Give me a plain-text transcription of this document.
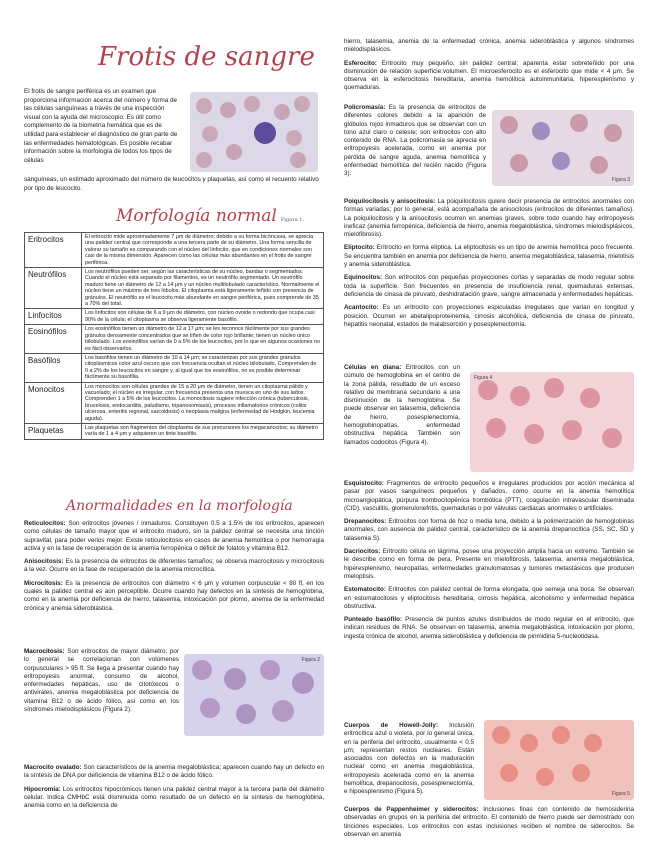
Frotis de sangre
El frotis de sangre periférica es un examen que proporciona información acerca del número y forma de las células sanguíneas a través de una inspección visual con la ayuda del microscopio. Es útil como complemento de la biometría hemática que es de utilidad para establecer el diagnóstico de gran parte de las enfermedades hematológicas. Es posible recabar información sobre la morfología de todos los tipos de células
sanguíneas, un estimado aproximado del número de leucocitos y plaquetas, así como el recuento relativo por tipo de leucocito.
Morfología normal Figura 1.
Eritrocitos	El eritrocito mide aproximadamente 7 μm de diámetro; debido a su forma bicóncava, se aprecia una palidez central que corresponde a una tercera parte de su diámetro. Una forma sencilla de valorar su tamaño es comparando con el núcleo del linfocito, que en condiciones normales son casi de la misma dimensión. Aparecen como las células más abundantes en el frotis de sangre periférica.
Neutrófilos	Los neutrófilos pueden ser, según las características de su núcleo, bandas o segmentados. Cuando el núcleo está separado por filamentos, es un neutrófilo segmentado. Un neutrófilo maduro tiene un diámetro de 12 a 14 μm y un núcleo multilobulado característico. Normalmente el núcleo tiene un máximo de tres lóbulos. El citoplasma está ligeramente teñido con presencia de gránulos. El neutrófilo es el leucocito más abundante en sangre periférica, pues comprende de 35 a 70% del total.
Linfocitos	Los linfocitos son células de 6 a 9 μm de diámetro, con núcleo ovoide o redondo que ocupa casi 90% de la célula; el citoplasma se observa ligeramente basófilo.
Eosinófilos	Los eosinófilos tienen un diámetro de 12 a 17 μm; se les reconoce fácilmente por sus grandes gránulos densamente concentrados que se tiñen de color rojo brillante; tienen un núcleo único bilobulado. Los eosinófilos varían de 0 a 5% de los leucocitos, por lo que en algunos ocasiones no es fácil observarlos.
Basófilos	Los basófilos tienen un diámetro de 10 a 14 μm; se caracterizan por sus grandes gránulos citoplásmicos color azul oscuro que con frecuencia ocultan el núcleo bilobulado. Comprenden de 0 a 2% de los leucocitos en sangre y, al igual que los eosinófilos, no es posible determinar fácilmente su basofilia.
Monocitos	Los monocitos son células grandes de 15 a 20 μm de diámetro, tienen un citoplasma pálido y vacuolado; el núcleo es irregular, con frecuencia presenta una muesca en uno de sus lados. Comprenden 1 a 5% de los leucocitos. La monocitosis sugiere infección crónica (tuberculosis, brucelosis, endocarditis, paludismo, tripanosomiasis), procesos inflamatorios crónicos (colitis ulcerosa, enteritis regional, sarcoidosis) o neoplasia maligna (enfermedad de Hodgkin, leucemia aguda).
Plaquetas	Las plaquetas son fragmentos del citoplasma de sus precursores los megacariocitos; su diámetro varía de 1 a 4 μm y adquieren un tinte basófilo.
Anormalidades en la morfología
Reticulocitos: Son eritrocitos jóvenes / inmaduros. Constituyen 0.5 a 1.5% de los eritrocitos, aparecen como células de tamaño mayor que el eritrocito maduro, sin la palidez central se necesita una tinción supravital, para poder verlos mejor. Existe reticulocitosis en casos de anemia hemolítica o por hemorragia activa y en la fase de recuperación de la anemia ferropénica o déficit de folatos y vitamina B12.
Anisocitosis: Es la presencia de eritrocitos de diferentes tamaños; se observa macrocitosis y microcitosis a la vez. Ocurre en la fase de recuperación de la anemia microcítica.
Microcitosis: Es la presencia de eritrocitos con diámetro < 6 μm y volumen corpuscular < 80 fl, en los cuales la palidez central es aún perceptible. Ocurre cuando hay defectos en la síntesis de hemoglobina, como en la anemia por deficiencia de hierro, talasemia, intoxicación por plomo, anemia de la enfermedad crónica y anemia sideroblástica.
Macrocitosis: Son eritrocitos de mayor diámetro; por lo general se correlacionan con volúmenes corpusculares > 95 fl. Se llega a presentar cuando hay eritropoyesis anormal, consumo de alcohol, enfermedades hepáticas, uso de citotóxicos o antivirales, anemia megaloblástica por deficiencia de vitamina B12 o de ácido fólico, así como en los síndromes mielodisplásicos (Figura 2).
Figura 2
Macrocito ovalado: Son característicos de la anemia megaloblástica; aparecen cuando hay un defecto en la síntesis de DNA por deficiencia de vitamina B12 o de ácido fólico.
Hipocromía: Los eritrocitos hipocrómicos tienen una palidez central mayor a la tercera parte del diámetro celular. Indica CMHbC está disminuida como resultado de un defecto en la síntesis de hemoglobina, anemia como en la deficiencia de
hierro, talasemia, anemia de la enfermedad crónica, anemia sideroblástica y algunos síndromes mielodisplásicos.
Esferocito: Eritrocito muy pequeño, sin palidez central; aparenta estar sobreteñido por una disminución de relación superficie:volumen. El microesferocito es el esferocito que mide < 4 μm. Se observa en la esferocitosis hereditaria, anemia hemolítica autoinmunitaria, hiperesplenismo y quemaduras.
Policromasia: Es la presencia de eritrocitos de diferentes colores debido a la aparición de glóbulos rojos inmaduros que se observan con un tono azul claro o celeste; son eritrocitos con alto contenido de RNA. La policromasia se aprecia en eritropoyesis acelerada, como en anemia por pérdida de sangre aguda, anemia hemolítica y enfermedad hemolítica del recién nacido (Figura 3).
Figura 3
Poiquilocitosis y anisocitosis: La poiquilocitosis quiere decir presencia de eritrocitos anormales con formas variadas; por lo general, está acompañada de anisocitosis (eritrocitos de diferentes tamaños). La poiquilocitosis y la anisocitosis ocurren en anemias graves, sobre todo cuando hay eritropoyesis ineficaz (anemia ferropénica, deficiencia de hierro, anemia megaloblástica, síndromes mielodisplásicos, mielofibrosis).
Eliptocito: Eritrocito en forma elíptica. La eliptocitosis es un tipo de anemia hemolítica poco frecuente. Se encuentra también en anemia por deficiencia de hierro, anemia megaloblástica, talasemia, mielotisis y anemia sideroblástica.
Equinocitos: Son eritrocitos con pequeñas proyecciones cortas y separadas de modo regular sobre toda la superficie. Son frecuentes en presencia de insuficiencia renal, quemaduras extensas, deficiencia de cinasa de piruvato, deshidratación grave, sangre almacenada y enfermedades hepáticas.
Acantocito: Es un eritrocito con proyecciones espiculadas irregulares que varían en longitud y posición. Ocurren en abetalipoproteinemia, cirrosis alcohólica, deficiencia de cinasa de piruvato, hepatitis neonatal, estados de malabsorción y posesplenectomía.
Células en diana: Eritrocitos con un cúmulo de hemoglobina en el centro de la zona pálida, resultado de un exceso relativo de membrana secundario a una disminución de la hemoglobina. Se puede observar en talasemia, deficiencia de hierro, posesplenectomía, hemoglobinopatías, enfermedad obstructiva hepática. También son llamados codocitos (Figura 4).
Figura 4
Esquistocito: Fragmentos de eritrocito pequeños e irregulares producidos por acción mecánica al pasar por vasos sanguíneos pequeños y dañados, como ocurre en la anemia hemolítica microangiopática, púrpura trombocitopénica trombótica (PTT), coagulación intravascular diseminada (CID), vasculitis, glomerulonefritis, quemaduras o por válvulas cardiacas anormales o artificiales.
Drepanocitos: Eritrocitos con forma de hoz o media luna, debido a la polimerización de hemoglobinas anormales, con ausencia de palidez central, característico de la anemia drepanocítica (SS, SC, SD y talasemia S).
Dacriocitos: Eritrocito célula en lágrima, posee una proyección amplia hacia un extremo. También se le describe como en forma de pera. Presente en mielofibrosis, talasemia, anemia megaloblástica, hiperesplenismo, neuropatías, enfermedades granulomatosas y tumores metastásicos que producen mieloptisis.
Estomatocito: Eritrocitos con palidez central de forma elongada, que semeja una boca. Se observan en estomatocitosis y eliptocitosis hereditaria, cirrosis hepática, alcoholismo y enfermedad hepática obstructiva.
Punteado basófilo: Presencia de puntos azules distribuidos de modo regular en el eritrocito, que indican residuos de RNA. Se observan en talasemia, anemia megaloblástica, intoxicación por plomo, ingesta crónica de alcohol, anemia sideroblástica y deficiencia de pirimidina 5-nucleotidasa.
Cuerpos de Howell-Jolly: Inclusión eritrocítica azul o violeta, por lo general única, en la periferia del eritrocito, usualmente < 0.5 μm; representan restos nucleares. Están asociados con defectos en la maduración nuclear como en anemia megaloblástica, eritropoyesis acelerada como en la anemia hemolítica, drepanocitosis, posesplenectomía, e hipoesplenismo (Figura 5).	Figura 5
Cuerpos de Pappenheimer y siderocitos: Inclusiones finas con contenido de hemosiderina observadas en grupos en la periferia del eritrocito. El contenido de hierro puede ser demostrado con tinciones especiales. Los eritrocitos con estas inclusiones reciben el nombre de siderocitos. Se observan en anemia
